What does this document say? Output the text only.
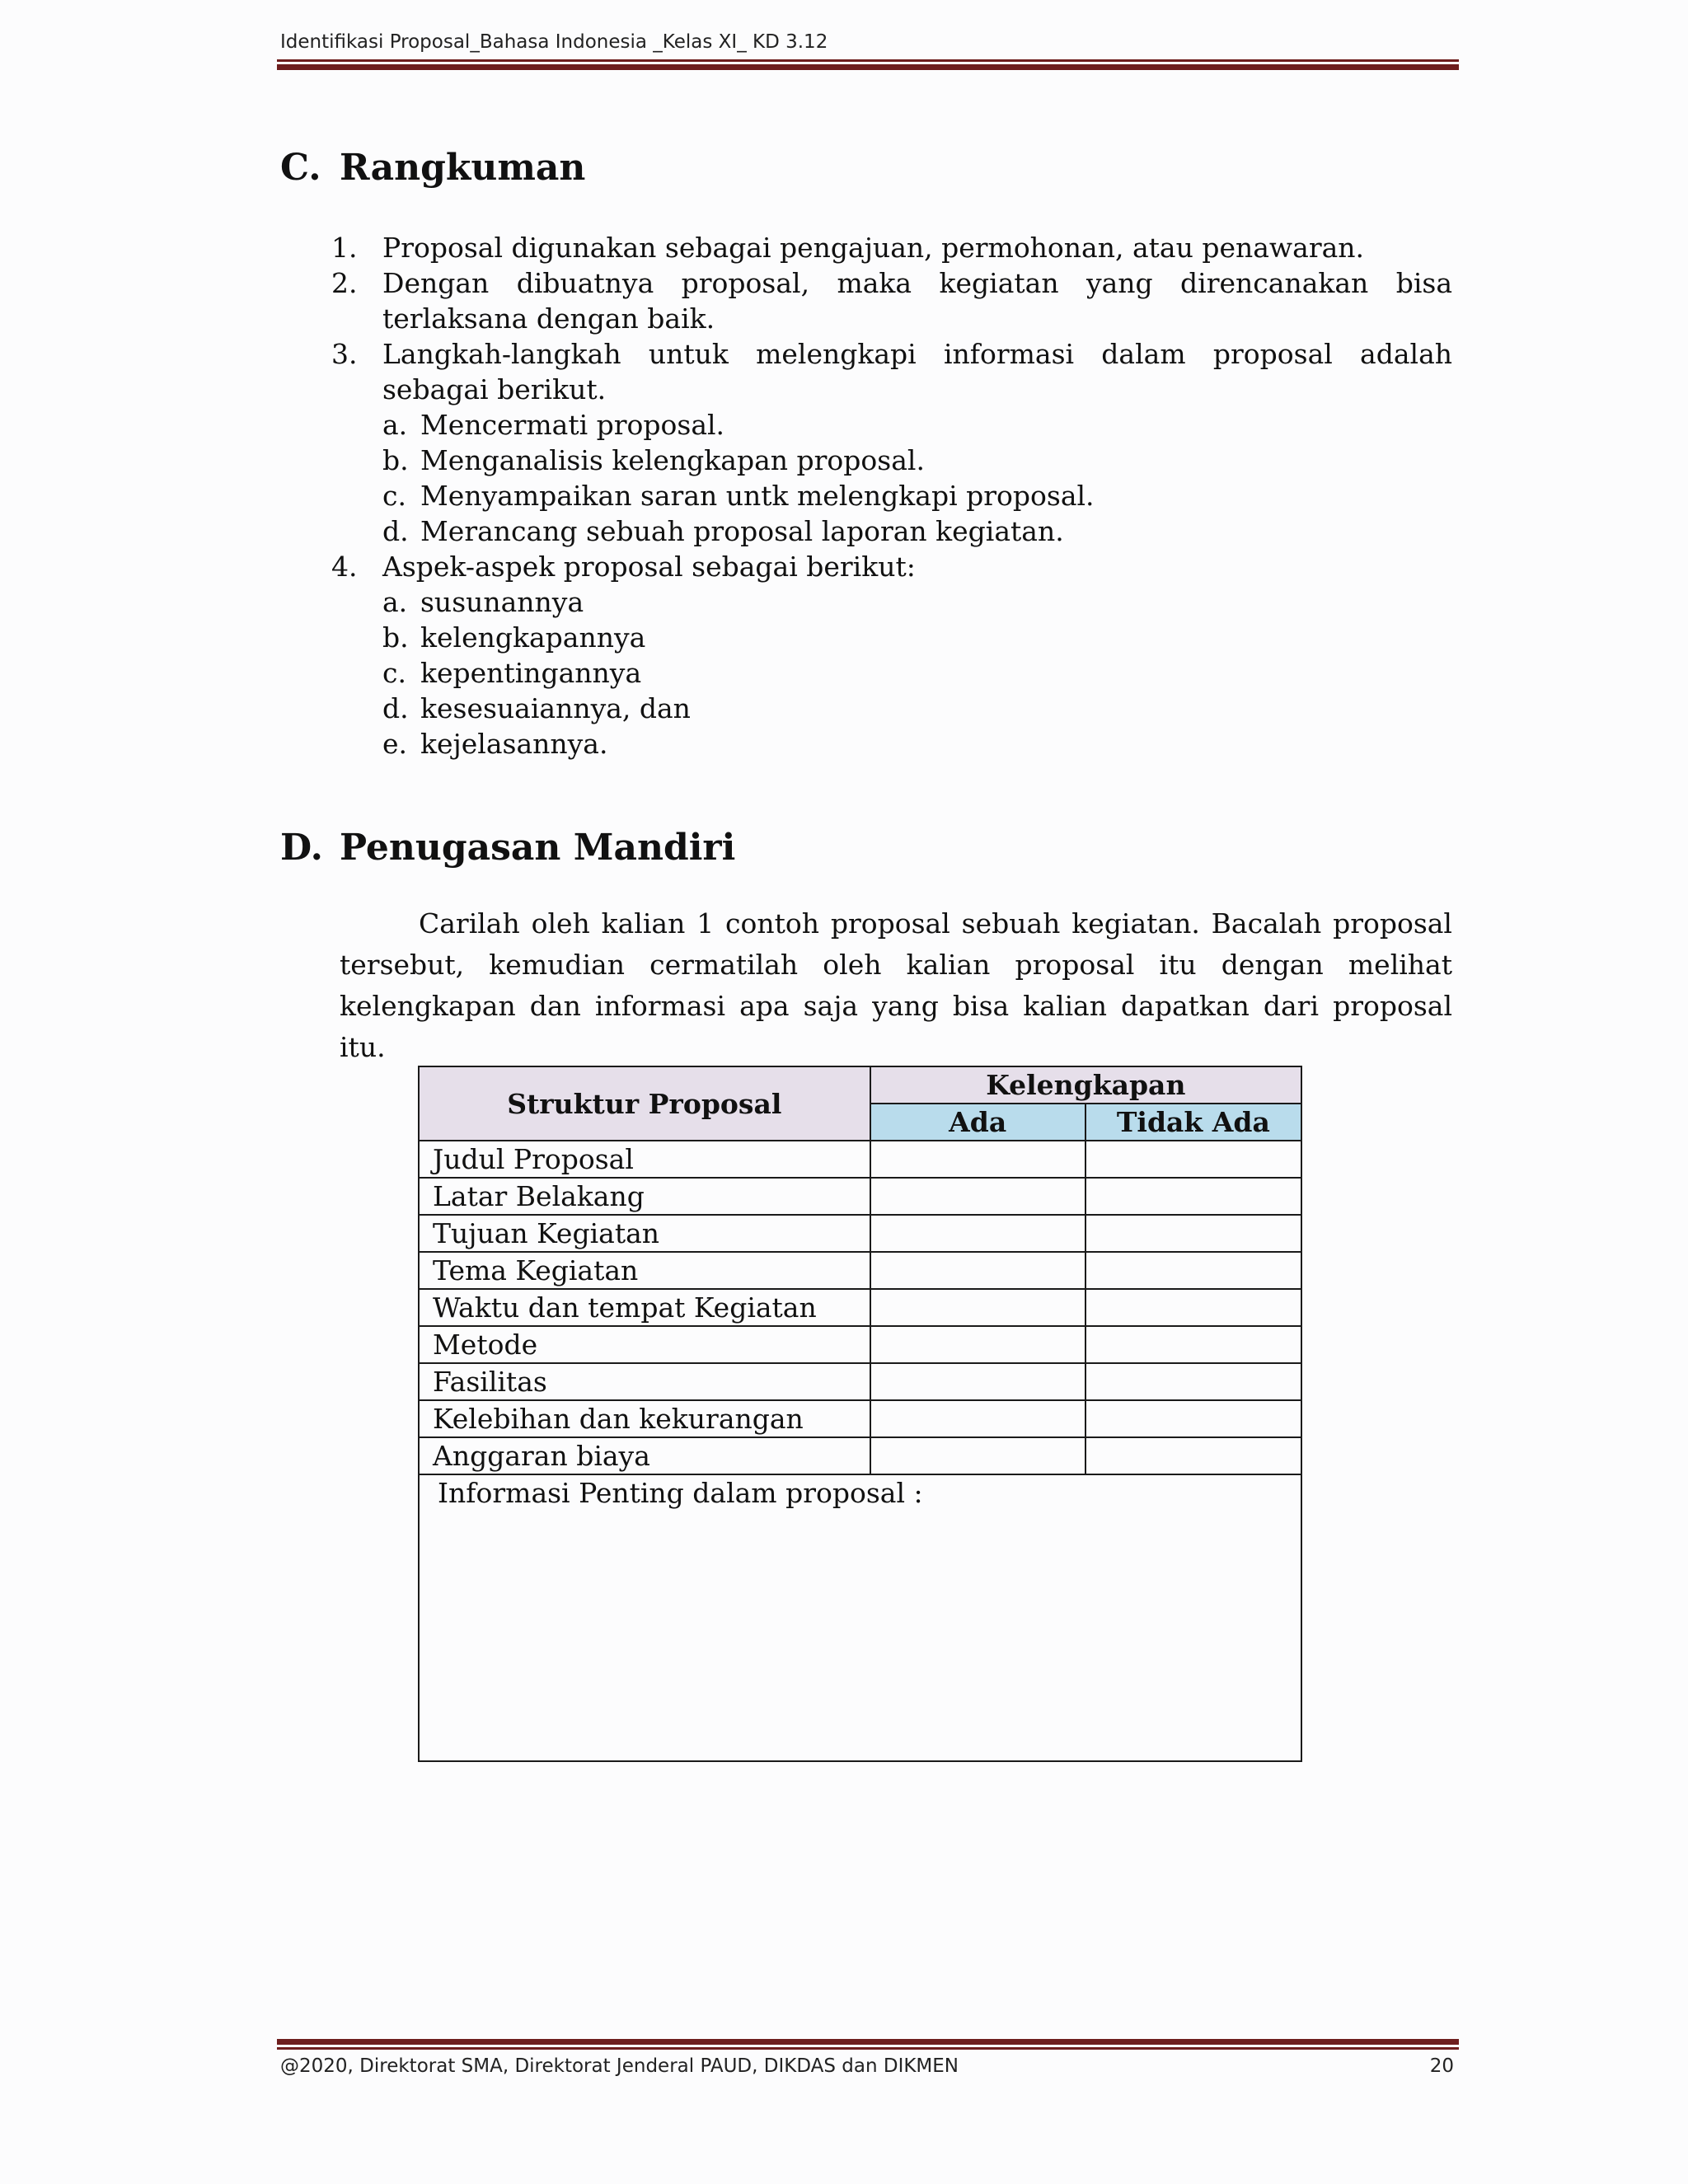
Identifikasi Proposal_Bahasa Indonesia _Kelas XI_ KD 3.12
C. Rangkuman
1. Proposal digunakan sebagai pengajuan, permohonan, atau penawaran.
2. Dengan dibuatnya proposal, maka kegiatan yang direncanakan bisa terlaksana dengan baik.
3. Langkah-langkah untuk melengkapi informasi dalam proposal adalah sebagai berikut.
a. Mencermati proposal.
b. Menganalisis kelengkapan proposal.
c. Menyampaikan saran untk melengkapi proposal.
d. Merancang sebuah proposal laporan kegiatan.
4. Aspek-aspek proposal sebagai berikut:
a. susunannya
b. kelengkapannya
c. kepentingannya
d. kesesuaiannya, dan
e. kejelasannya.
D. Penugasan Mandiri

Carilah oleh kalian 1 contoh proposal sebuah kegiatan. Bacalah proposal tersebut, kemudian cermatilah oleh kalian proposal itu dengan melihat kelengkapan dan informasi apa saja yang bisa kalian dapatkan dari proposal itu.

Struktur Proposal	Kelengkapan	
	Ada	Tidak Ada
Judul Proposal		
Latar Belakang		
Tujuan Kegiatan		
Tema Kegiatan		
Waktu dan tempat Kegiatan		
Metode		
Fasilitas		
Kelebihan dan kekurangan		
Anggaran biaya		
Informasi Penting dalam proposal :		
@2020, Direktorat SMA, Direktorat Jenderal PAUD, DIKDAS dan DIKMEN	20
